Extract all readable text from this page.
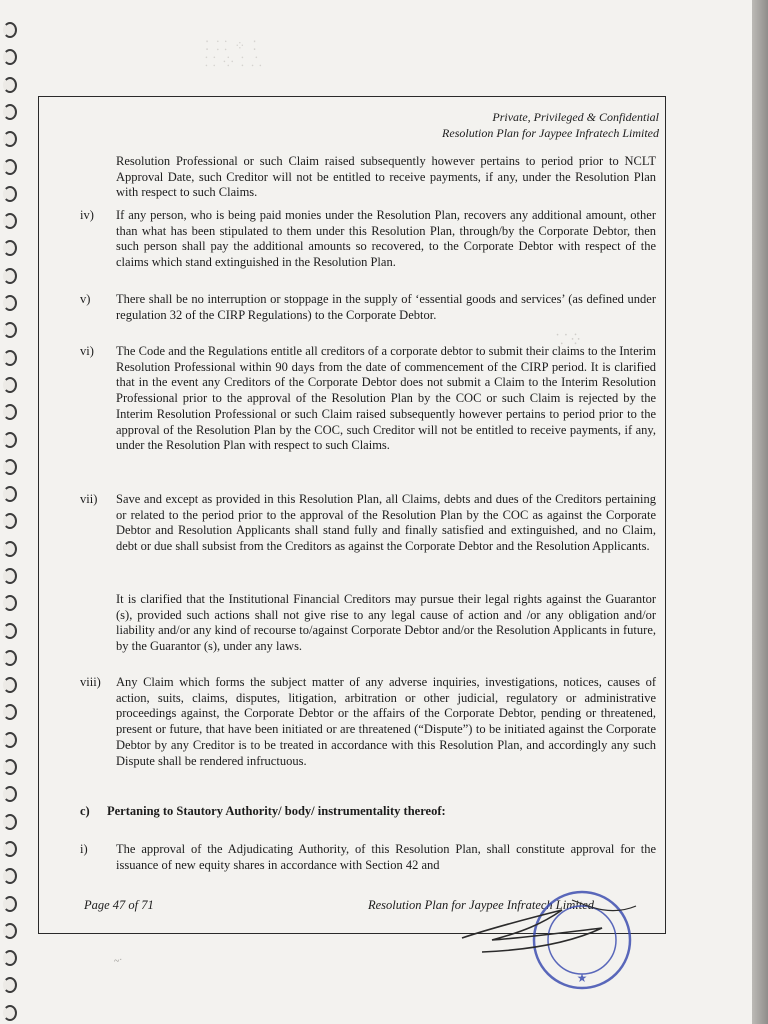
⁚ ⸬ ⁘ ⁚
⸬ ⁘ ⁚ ⸫
Private, Privileged & Confidential
Resolution Plan for Jaypee Infratech Limited
Resolution Professional or such Claim raised subsequently however pertains to period prior to NCLT Approval Date, such Creditor will not be entitled to receive payments, if any, under the Resolution Plan with respect to such Claims.
iv)	If any person, who is being paid monies under the Resolution Plan, recovers any additional amount, other than what has been stipulated to them under this Resolution Plan, through/by the Corporate Debtor, then such person shall pay the additional amounts so recovered, to the Corporate Debtor with respect of the claims which stand extinguished in the Resolution Plan.
v)	There shall be no interruption or stoppage in the supply of ‘essential goods and services’ (as defined under regulation 32 of the CIRP Regulations) to the Corporate Debtor.
vi)	The Code and the Regulations entitle all creditors of a corporate debtor to submit their claims to the Interim Resolution Professional within 90 days from the date of commencement of the CIRP period. It is clarified that in the event any Creditors of the Corporate Debtor does not submit a Claim to the Interim Resolution Professional prior to the approval of the Resolution Plan by the COC or such Claim is rejected by the Interim Resolution Professional or such Claim raised subsequently however pertains to period prior to the approval of the Resolution Plan by the COC, such Creditor will not be entitled to receive payments, if any, under the Resolution Plan with respect to such Claims.
vii)	Save and except as provided in this Resolution Plan, all Claims, debts and dues of the Creditors pertaining or related to the period prior to the approval of the Resolution Plan by the COC as against the Corporate Debtor and Resolution Applicants shall stand fully and finally satisfied and extinguished, and no Claim, debt or due shall subsist from the Creditors as against the Corporate Debtor and the Resolution Applicants.
It is clarified that the Institutional Financial Creditors may pursue their legal rights against the Guarantor (s), provided such actions shall not give rise to any legal cause of action and /or any obligation and/or liability and/or any kind of recourse to/against Corporate Debtor and/or the Resolution Applicants in future, by the Guarantor (s), under any laws.
viii)	Any Claim which forms the subject matter of any adverse inquiries, investigations, notices, causes of action, suits, claims, disputes, litigation, arbitration or other judicial, regulatory or administrative proceedings against, the Corporate Debtor or the affairs of the Corporate Debtor, pending or threatened, present or future, that have been initiated or are threatened (“Dispute”) to be initiated against the Corporate Debtor by any Creditor is to be treated in accordance with this Resolution Plan, and accordingly any such Dispute shall be rendered infructuous.
c)	Pertaning to Stautory Authority/ body/ instrumentality thereof:
i)	The approval of the Adjudicating Authority, of this Resolution Plan, shall constitute approval for the issuance of new equity shares in accordance with Section 42 and
Page 47 of 71	Resolution Plan for Jaypee Infratech Limited
⸪ ⁛
★
~ˑ
